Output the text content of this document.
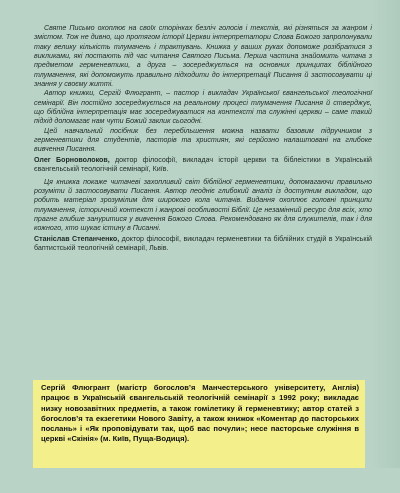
Святе Письмо охоплює на своїх сторінках безліч голосів і текстів, які різняться за жанром і змістом. Тож не дивно, що протягом історії Церкви інтерпретатори Слова Божого запропонували таку велику кількість тлумачень і трактувань. Книжка у ваших руках допоможе розібратися з викликами, які постають під час читання Святого Письма. Перша частина знайомить читача з предметом герменевтики, а друга – зосереджується на основних принципах біблійного тлумачення, які допоможуть правильно підходити до інтерпретації Писання й застосовувати ці знання у своєму житті.

Автор книжки, Сергій Флюгрант, – пастор і викладач Української євангельської теологічної семінарії. Він постійно зосереджується на реальному процесі тлумачення Писання й стверджує, що біблійна інтерпретація має зосереджуватися на контексті та служінні церкви – саме такий підхід допомагає нам чути Божий заклик сьогодні.

Цей навчальний посібник без перебільшення можна назвати базовим підручником з герменевтики для студентів, пасторів та християн, які серйозно налаштовані на глибоке вивчення Писання.

Олег Борноволоков, доктор філософії, викладач історії церкви та біблеістики в Українській євангельській теологічній семінарії, Київ.

Ця книжка покаже читачеві захопливий світ біблійної герменевтики, допомагаючи правильно розуміти й застосовувати Писання. Автор пеодніє глибокий аналіз із доступним викладом, що робить матеріал зрозумілим для широкого кола читачів. Видання охоплює головні принципи тлумачення, історичний контекст і жанрові особливості Біблії. Це незамінний ресурс для всіх, хто прагне глибше зануритися у вивчення Божого Слова. Рекомендовано як для служителів, так і для кожного, хто шукає істину в Писанні.

Станіслав Степанченко, доктор філософії, викладач герменевтики та біблійних студій в Українській баптистській теологічній семінарії, Львів.

Сергій Флюгрант (магістр богослов’я Манчестерського університету, Англія) працює в Українській євангельській теологічній семінарії з 1992 року; викладає низку новозавітних предметів, а також гомілетику й герменевтику; автор статей з богослов’я та екзегетики Нового Завіту, а також книжок «Коментар до пасторських послань» і «Як проповідувати так, щоб вас почули»; несе пасторське служіння в церкві «Скінія» (м. Київ, Пуща-Водиця).
